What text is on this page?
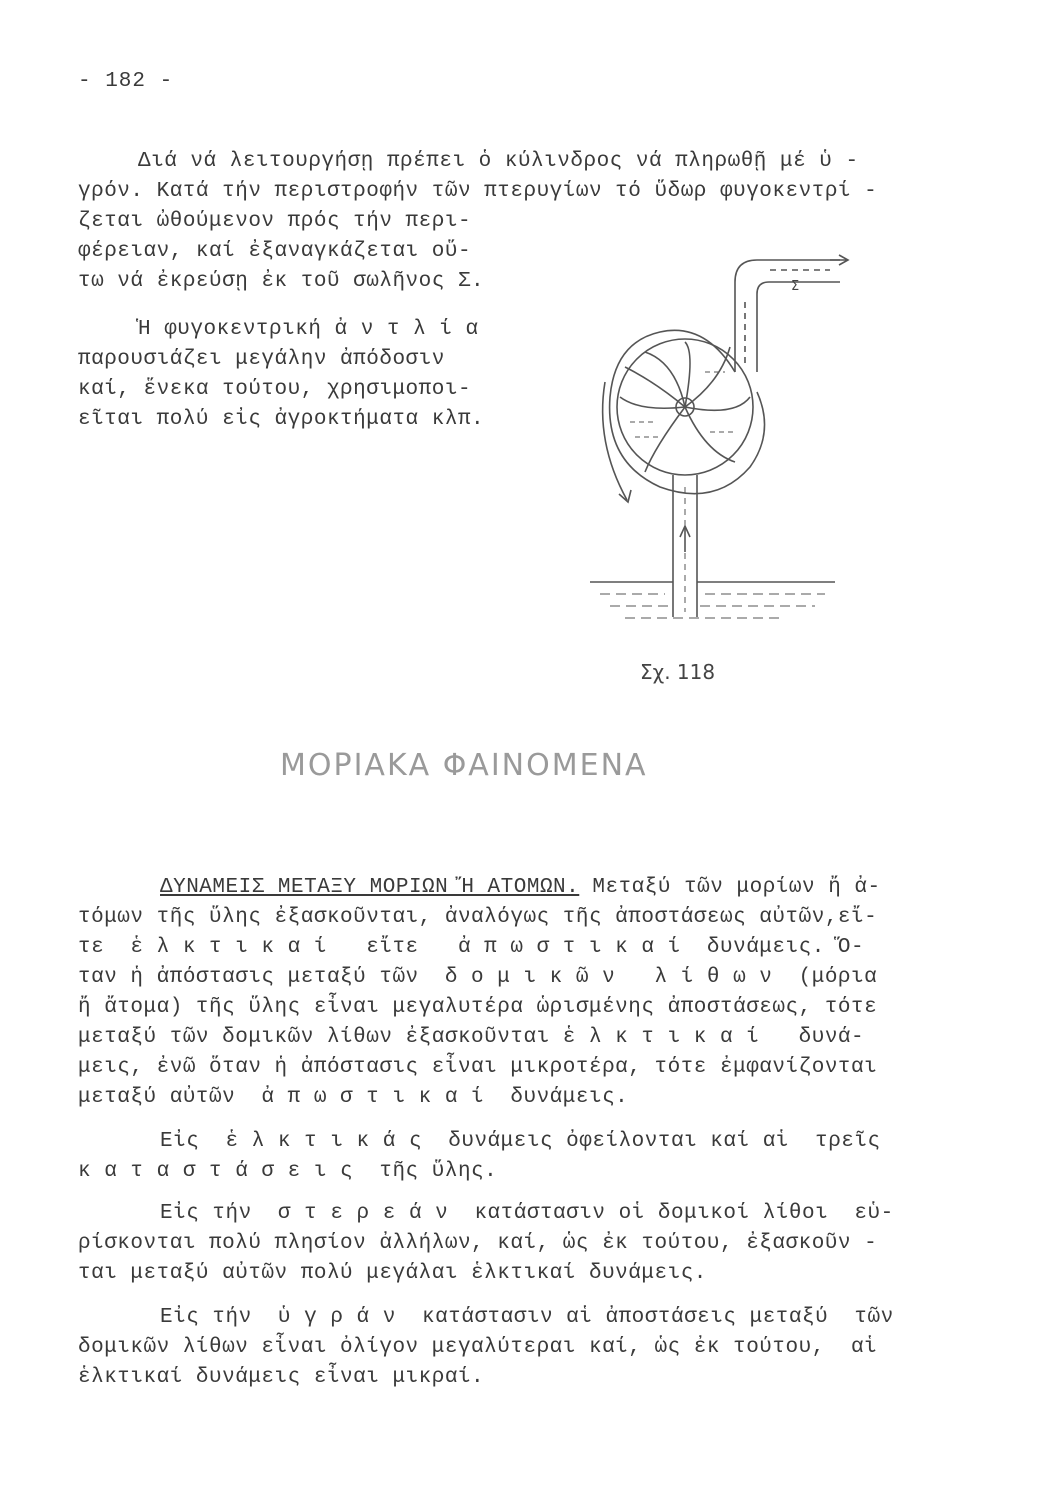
- 182 -
Διά νά λειτουργήσῃ πρέπει ὁ κύλινδρος νά πληρωθῇ μέ ὑ -
γρόν. Κατά τήν περιστροφήν τῶν πτερυγίων τό ὕδωρ φυγοκεντρί -
ζεται ὠθούμενον πρός τήν περι-
φέρειαν, καί ἐξαναγκάζεται οὕ-
τω νά ἐκρεύσῃ ἐκ τοῦ σωλῆνος Σ.
Ἡ φυγοκεντρική ἀ ν τ λ ί α
παρουσιάζει μεγάλην ἀπόδοσιν
καί, ἕνεκα τούτου, χρησιμοποι-
εῖται πολύ εἰς ἀγροκτήματα κλπ.
Σ
Σχ. 118
ΜΟΡΙΑΚΑ ΦΑΙΝΟΜΕΝΑ
ΔΥΝΑΜΕΙΣ ΜΕΤΑΞΥ ΜΟΡΙΩΝ Ἤ ΑΤΟΜΩΝ. Μεταξύ τῶν μορίων ἤ ἀ-
τόμων τῆς ὕλης ἐξασκοῦνται, ἀναλόγως τῆς ἀποστάσεως αὐτῶν,εἴ-
τε  ἑ λ κ τ ι κ α ί   εἴτε   ἀ π ω σ τ ι κ α ί  δυνάμεις. Ὅ-
ταν ἡ ἀπόστασις μεταξύ τῶν  δ ο μ ι κ ῶ ν   λ ί θ ω ν  (μόρια
ἤ ἄτομα) τῆς ὕλης εἶναι μεγαλυτέρα ὡρισμένης ἀποστάσεως, τότε
μεταξύ τῶν δομικῶν λίθων ἐξασκοῦνται ἑ λ κ τ ι κ α ί   δυνά-
μεις, ἐνῶ ὅταν ἡ ἀπόστασις εἶναι μικροτέρα, τότε ἐμφανίζονται
μεταξύ αὐτῶν  ἀ π ω σ τ ι κ α ί  δυνάμεις.
Εἰς  ἑ λ κ τ ι κ ά ς  δυνάμεις ὀφείλονται καί αἱ  τρεῖς
κ α τ α σ τ ά σ ε ι ς  τῆς ὕλης.
Εἰς τήν  σ τ ε ρ ε ά ν  κατάστασιν οἱ δομικοί λίθοι  εὑ-
ρίσκονται πολύ πλησίον ἀλλήλων, καί, ὡς ἐκ τούτου, ἐξασκοῦν -
ται μεταξύ αὐτῶν πολύ μεγάλαι ἑλκτικαί δυνάμεις.
Εἰς τήν  ὑ γ ρ ά ν  κατάστασιν αἱ ἀποστάσεις μεταξύ  τῶν
δομικῶν λίθων εἶναι ὀλίγον μεγαλύτεραι καί, ὡς ἐκ τούτου,  αἱ
ἑλκτικαί δυνάμεις εἶναι μικραί.
